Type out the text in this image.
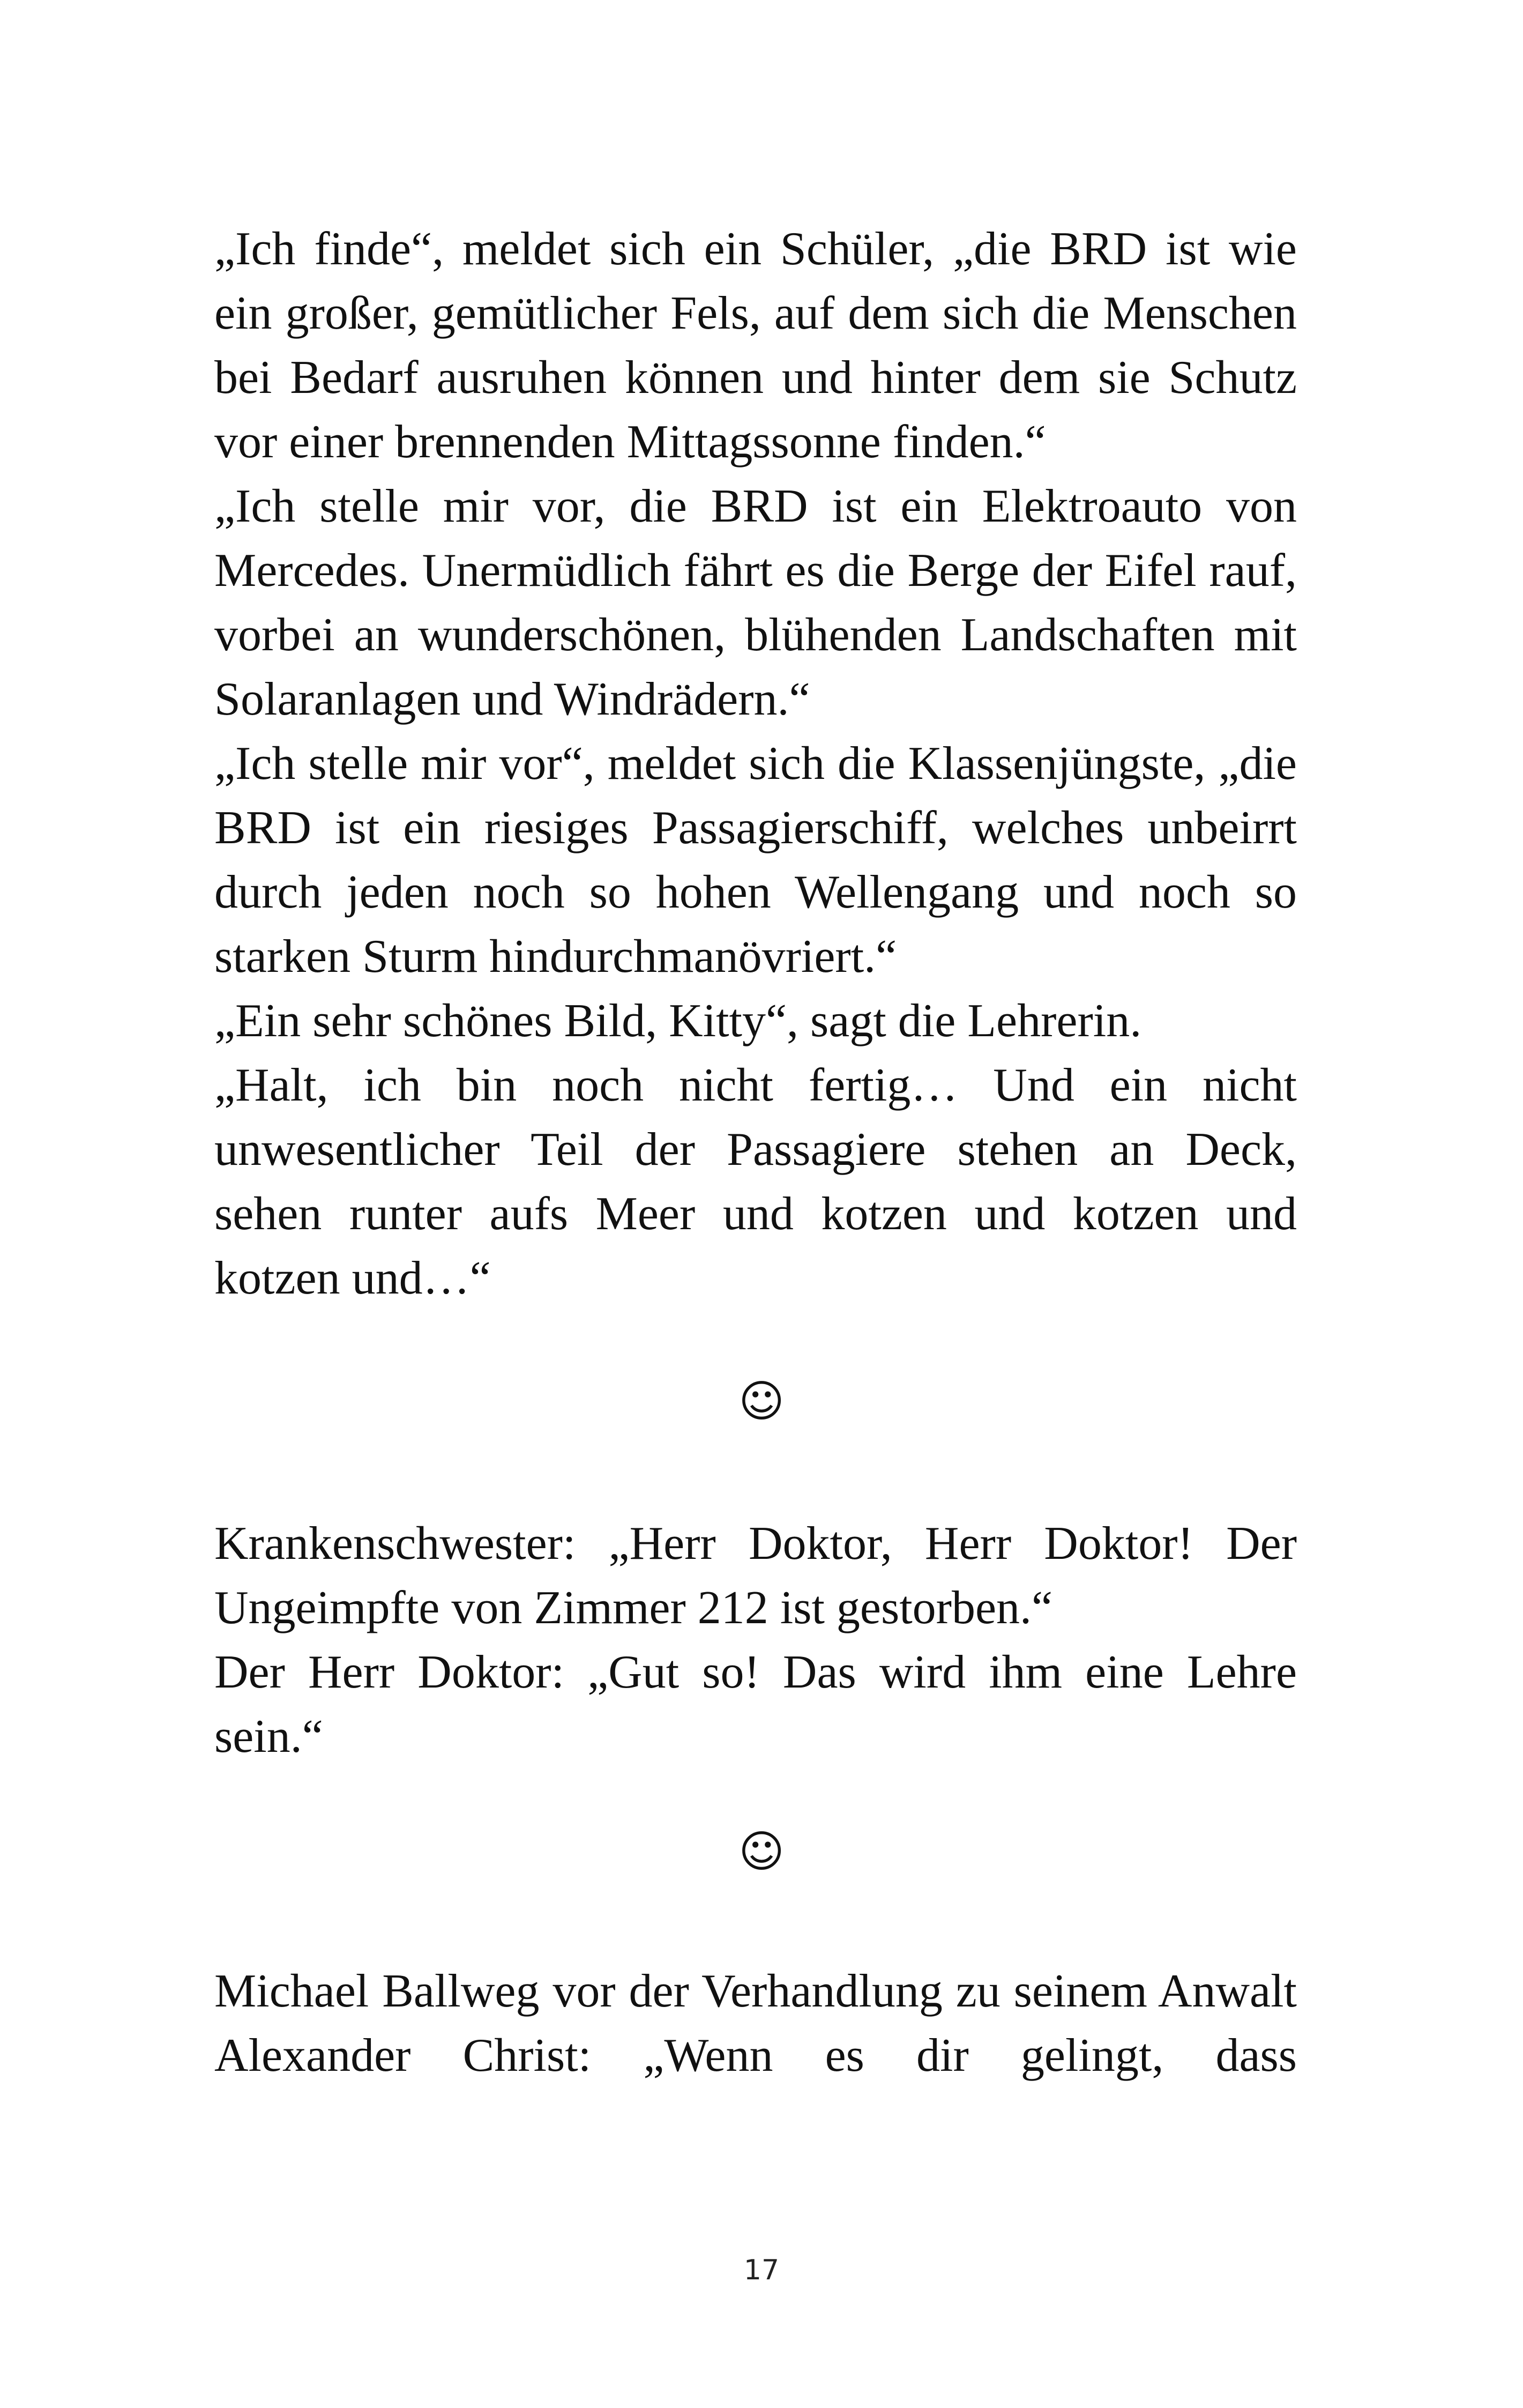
„Ich finde“, meldet sich ein Schüler, „die BRD ist wie ein großer, gemütlicher Fels, auf dem sich die Menschen bei Bedarf ausruhen können und hinter dem sie Schutz vor einer brennenden Mittagssonne finden.“

„Ich stelle mir vor, die BRD ist ein Elektroauto von Mercedes. Unermüdlich fährt es die Berge der Eifel rauf, vorbei an wunderschönen, blühenden Landschaften mit Solaranlagen und Windrädern.“

„Ich stelle mir vor“, meldet sich die Klassenjüngste, „die BRD ist ein riesiges Passagierschiff, welches unbeirrt durch jeden noch so hohen Wellengang und noch so starken Sturm hindurchmanövriert.“

„Ein sehr schönes Bild, Kitty“, sagt die Lehrerin.

„Halt, ich bin noch nicht fertig… Und ein nicht unwesentlicher Teil der Passagiere stehen an Deck, sehen runter aufs Meer und kotzen und kotzen und kotzen und…“

☺

Krankenschwester: „Herr Doktor, Herr Doktor! Der Ungeimpfte von Zimmer 212 ist gestorben.“

Der Herr Doktor: „Gut so! Das wird ihm eine Lehre sein.“

☺

Michael Ballweg vor der Verhandlung zu seinem Anwalt Alexander Christ: „Wenn es dir gelingt, dass

17
